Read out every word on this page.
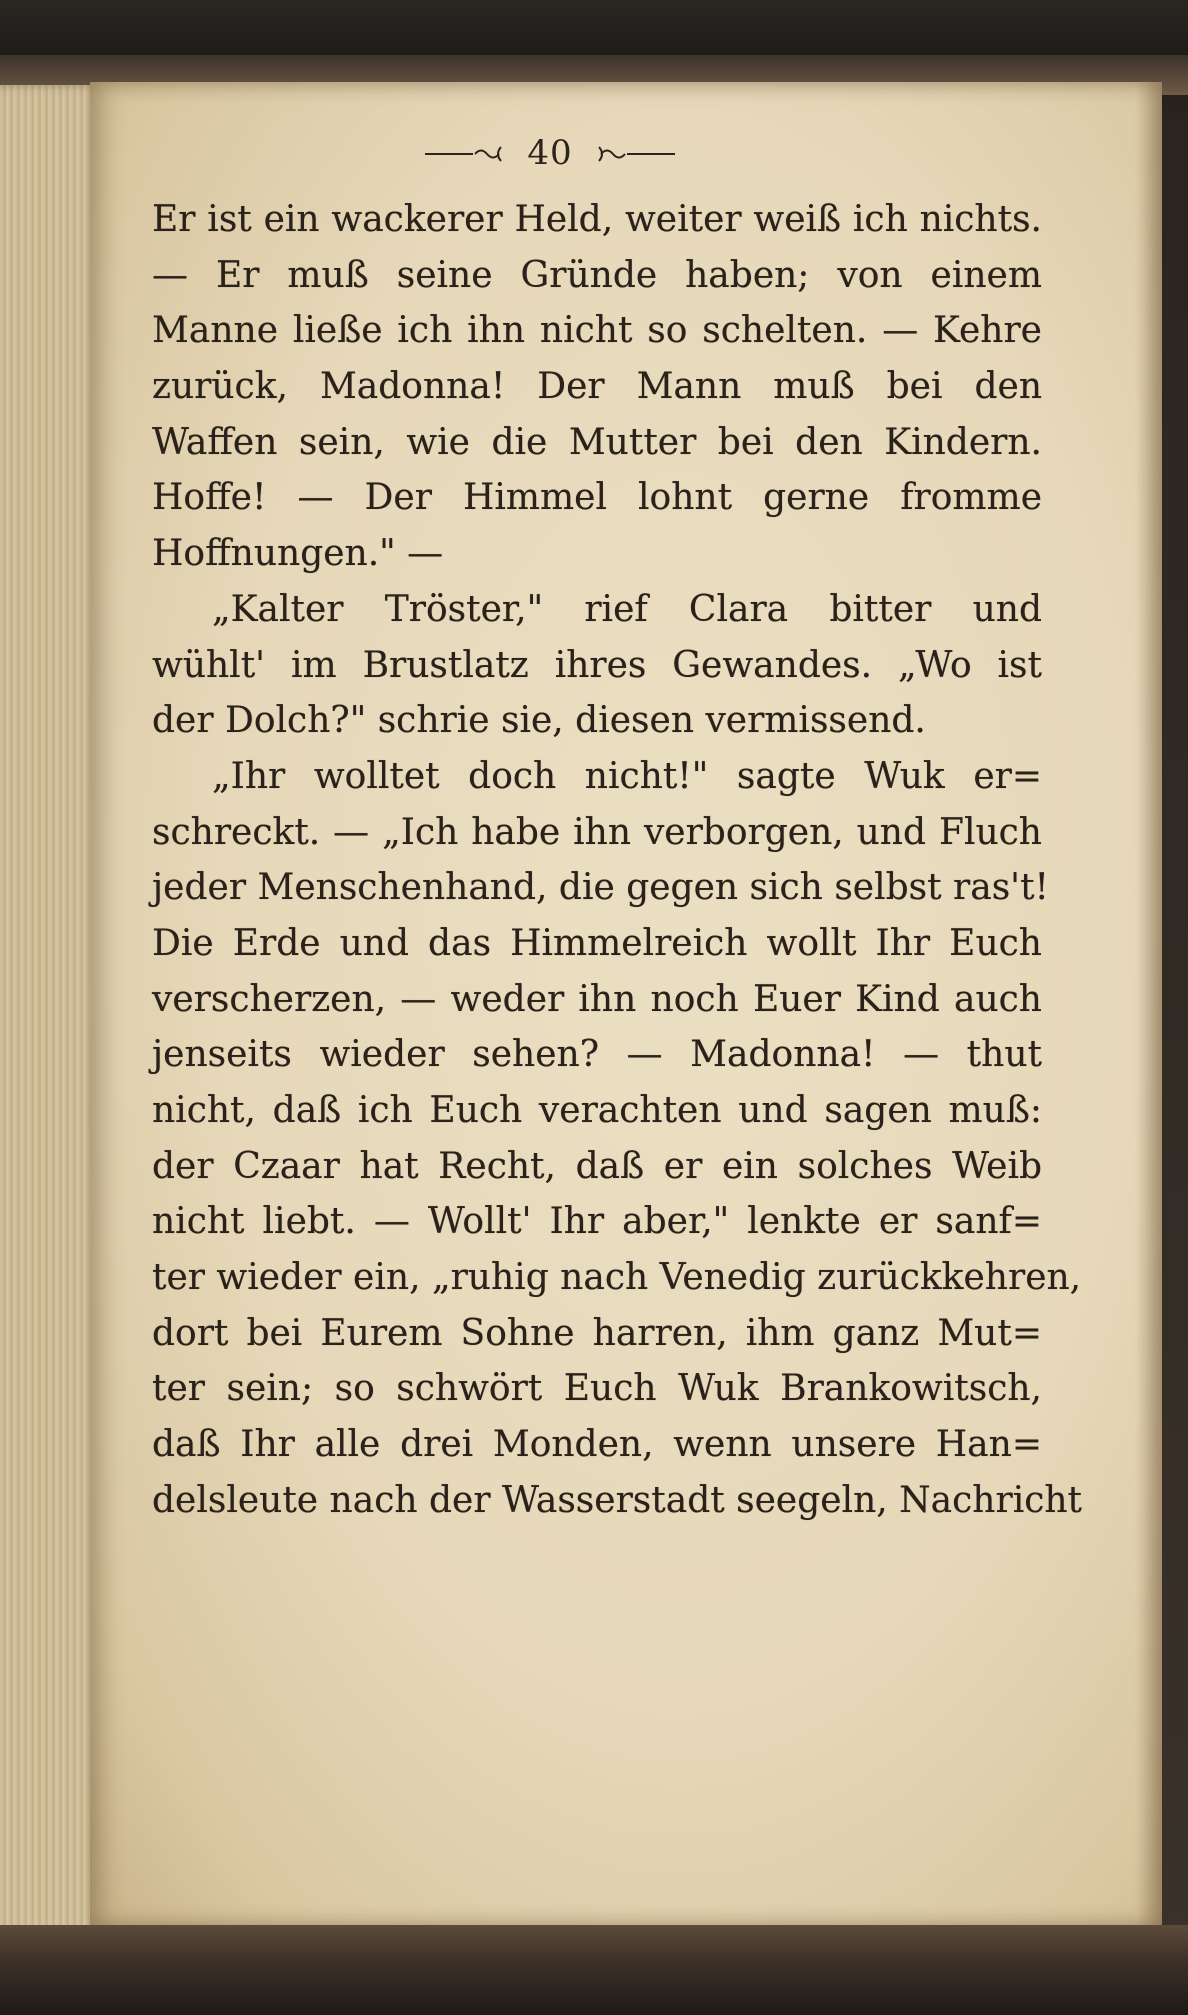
40
Er ist ein wackerer Held, weiter weiß ich nichts.
— Er muß seine Gründe haben; von einem
Manne ließe ich ihn nicht so schelten. — Kehre
zurück, Madonna! Der Mann muß bei den
Waffen sein, wie die Mutter bei den Kindern.
Hoffe! — Der Himmel lohnt gerne fromme
Hoffnungen." —
„Kalter Tröster," rief Clara bitter und
wühlt' im Brustlatz ihres Gewandes. „Wo ist
der Dolch?" schrie sie, diesen vermissend.
„Ihr wolltet doch nicht!" sagte Wuk er=
schreckt. — „Ich habe ihn verborgen, und Fluch
jeder Menschenhand, die gegen sich selbst ras't!
Die Erde und das Himmelreich wollt Ihr Euch
verscherzen, — weder ihn noch Euer Kind auch
jenseits wieder sehen? — Madonna! — thut
nicht, daß ich Euch verachten und sagen muß:
der Czaar hat Recht, daß er ein solches Weib
nicht liebt. — Wollt' Ihr aber," lenkte er sanf=
ter wieder ein, „ruhig nach Venedig zurückkehren,
dort bei Eurem Sohne harren, ihm ganz Mut=
ter sein; so schwört Euch Wuk Brankowitsch,
daß Ihr alle drei Monden, wenn unsere Han=
delsleute nach der Wasserstadt seegeln, Nachricht
